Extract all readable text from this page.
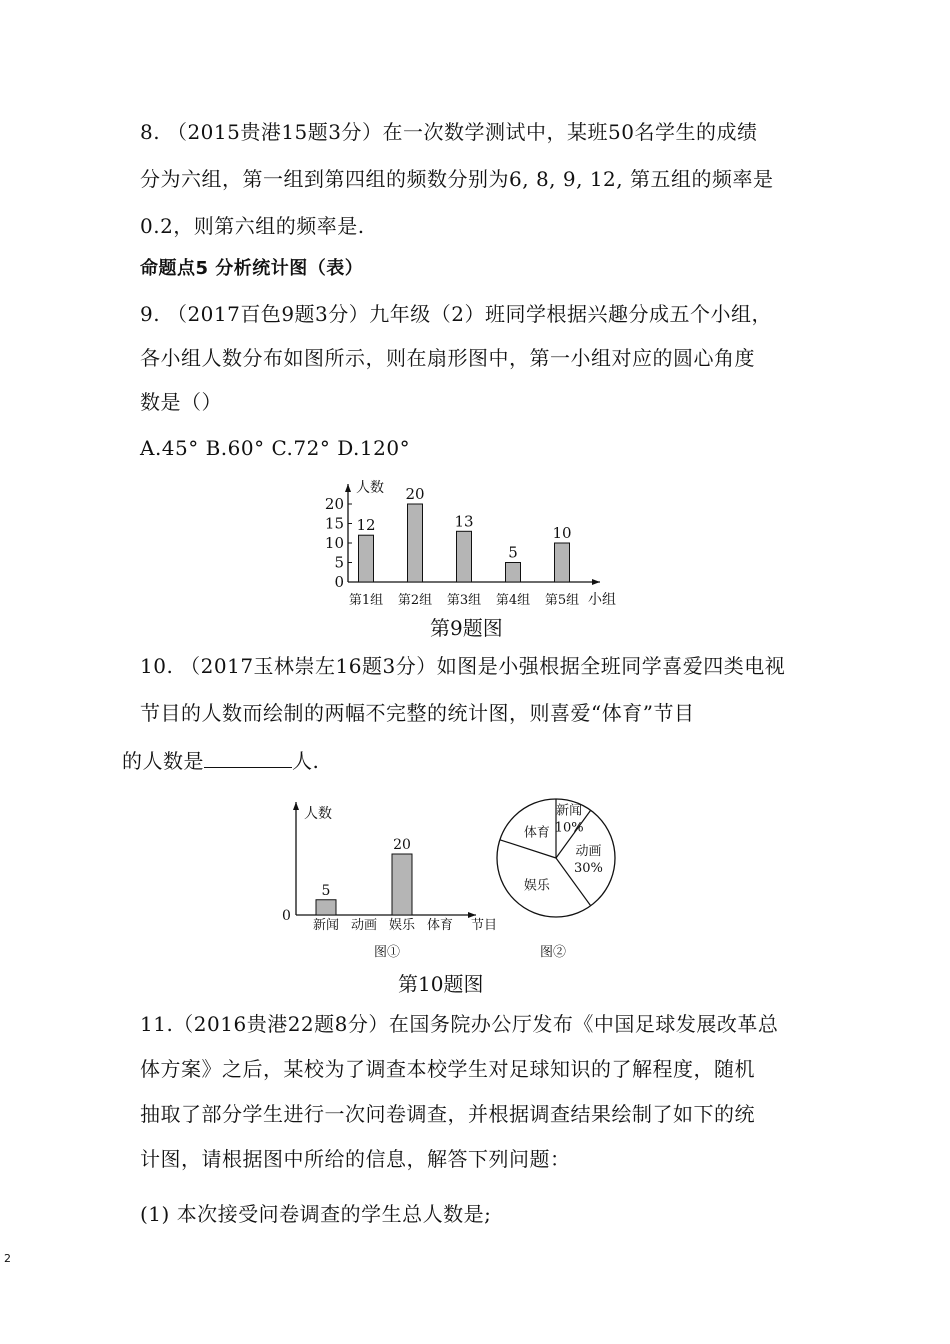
8. （2015贵港15题3分）在一次数学测试中，某班50名学生的成绩
分为六组，第一组到第四组的频数分别为6, 8, 9, 12, 第五组的频率是
0.2，则第六组的频率是.
命题点5 分析统计图（表）
9. （2017百色9题3分）九年级（2）班同学根据兴趣分成五个小组，
各小组人数分布如图所示，则在扇形图中，第一小组对应的圆心角度
数是（）
A.45° B.60° C.72° D.120°
0
5
10
15
20
人数
小组
12
第1组
20
第2组
13
第3组
5
第4组
10
第5组
第9题图
10. （2017玉林崇左16题3分）如图是小强根据全班同学喜爱四类电视
节目的人数而绘制的两幅不完整的统计图，则喜爱“体育”节目
的人数是	人.
人数
0
节目
5
新闻 动画
20
娱乐 体育
图①
新闻
10%
动画
30%
娱乐
体育
图②
第10题图
11.（2016贵港22题8分）在国务院办公厅发布《中国足球发展改革总
体方案》之后，某校为了调查本校学生对足球知识的了解程度，随机
抽取了部分学生进行一次问卷调查，并根据调查结果绘制了如下的统
计图，请根据图中所给的信息，解答下列问题：
(1) 本次接受问卷调查的学生总人数是;
2
